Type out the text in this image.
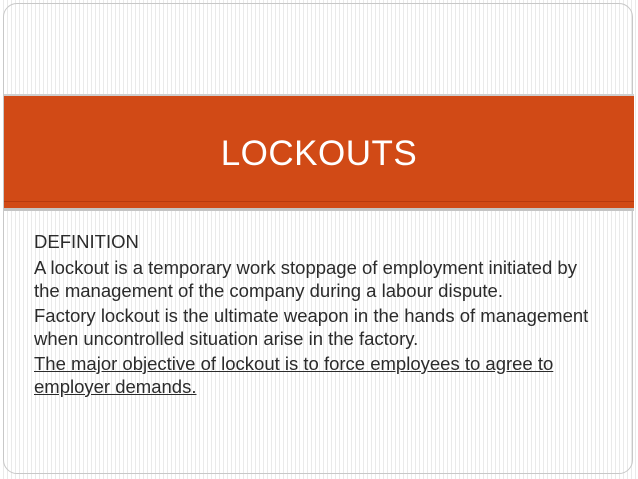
LOCKOUTS

DEFINITION

A lockout is a temporary work stoppage of employment initiated by the management of the company during a labour dispute.

Factory lockout is the ultimate weapon in the hands of management when uncontrolled situation arise in the factory.

The major objective of lockout is to force employees to agree to employer demands.
